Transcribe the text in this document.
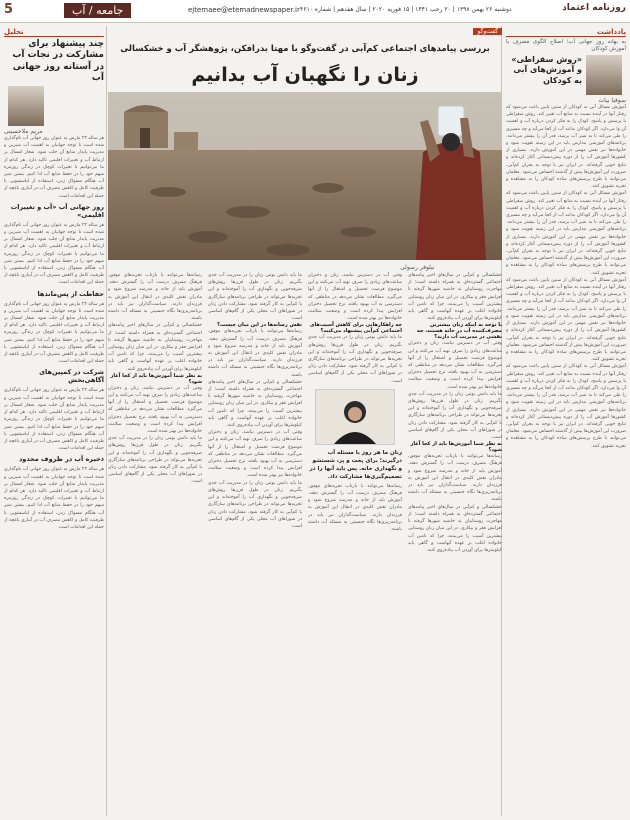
5	جامعه / آب	ejtemaee@etemadnewspaper.ir دوشنبه ۲۶ بهمن ۱۳۹۸ | ۲۰ رجب ۱۴۴۱ | ۱۵ فوریه ۲۰۲۰ | سال هفدهم | شماره ۴۶۱۰	روزنامه اعتماد
یادداشت
به بهانه روز جهانی آب؛ اصلاح الگوی مصرف با آموزش کودکان
«روش سقراطی» و آموزش‌های آبی به کودکان
سوفیا بیات
آموزش مسائل آبی به کودکان از سنین پایین باعث می‌شود که رفتار آنها در آینده نسبت به منابع آب تغییر کند. روش سقراطی با پرسش و پاسخ، کودک را به فکر کردن درباره آب و اهمیت آن وا می‌دارد. اگر کودکان بدانند آب از کجا می‌آید و چه مسیری را طی می‌کند تا به شیر آب برسد، قدر آن را بیشتر می‌دانند. برنامه‌های آموزشی مدارس باید در این زمینه تقویت شود و خانواده‌ها نیز نقش مهمی در این آموزش دارند. بسیاری از کشورها آموزش آب را از دوره پیش‌دبستانی آغاز کرده‌اند و نتایج خوبی گرفته‌اند. در ایران نیز با توجه به بحران کم‌آبی، ضرورت این آموزش‌ها بیش از گذشته احساس می‌شود. معلمان می‌توانند با طرح پرسش‌های ساده کودکان را به مشاهده و تجربه تشویق کنند.
آموزش مسائل آبی به کودکان از سنین پایین باعث می‌شود که رفتار آنها در آینده نسبت به منابع آب تغییر کند. روش سقراطی با پرسش و پاسخ، کودک را به فکر کردن درباره آب و اهمیت آن وا می‌دارد. اگر کودکان بدانند آب از کجا می‌آید و چه مسیری را طی می‌کند تا به شیر آب برسد، قدر آن را بیشتر می‌دانند. برنامه‌های آموزشی مدارس باید در این زمینه تقویت شود و خانواده‌ها نیز نقش مهمی در این آموزش دارند. بسیاری از کشورها آموزش آب را از دوره پیش‌دبستانی آغاز کرده‌اند و نتایج خوبی گرفته‌اند. در ایران نیز با توجه به بحران کم‌آبی، ضرورت این آموزش‌ها بیش از گذشته احساس می‌شود. معلمان می‌توانند با طرح پرسش‌های ساده کودکان را به مشاهده و تجربه تشویق کنند.
آموزش مسائل آبی به کودکان از سنین پایین باعث می‌شود که رفتار آنها در آینده نسبت به منابع آب تغییر کند. روش سقراطی با پرسش و پاسخ، کودک را به فکر کردن درباره آب و اهمیت آن وا می‌دارد. اگر کودکان بدانند آب از کجا می‌آید و چه مسیری را طی می‌کند تا به شیر آب برسد، قدر آن را بیشتر می‌دانند. برنامه‌های آموزشی مدارس باید در این زمینه تقویت شود و خانواده‌ها نیز نقش مهمی در این آموزش دارند. بسیاری از کشورها آموزش آب را از دوره پیش‌دبستانی آغاز کرده‌اند و نتایج خوبی گرفته‌اند. در ایران نیز با توجه به بحران کم‌آبی، ضرورت این آموزش‌ها بیش از گذشته احساس می‌شود. معلمان می‌توانند با طرح پرسش‌های ساده کودکان را به مشاهده و تجربه تشویق کنند.
آموزش مسائل آبی به کودکان از سنین پایین باعث می‌شود که رفتار آنها در آینده نسبت به منابع آب تغییر کند. روش سقراطی با پرسش و پاسخ، کودک را به فکر کردن درباره آب و اهمیت آن وا می‌دارد. اگر کودکان بدانند آب از کجا می‌آید و چه مسیری را طی می‌کند تا به شیر آب برسد، قدر آن را بیشتر می‌دانند. برنامه‌های آموزشی مدارس باید در این زمینه تقویت شود و خانواده‌ها نیز نقش مهمی در این آموزش دارند. بسیاری از کشورها آموزش آب را از دوره پیش‌دبستانی آغاز کرده‌اند و نتایج خوبی گرفته‌اند. در ایران نیز با توجه به بحران کم‌آبی، ضرورت این آموزش‌ها بیش از گذشته احساس می‌شود. معلمان می‌توانند با طرح پرسش‌های ساده کودکان را به مشاهده و تجربه تشویق کنند.
تحلیل
چند پیشنهاد برای مشارکت در نجات آب در آستانه روز جهانی آب
مریم ملاحسینی
هر ساله ۲۲ مارس به عنوان روز جهانی آب نام‌گذاری شده است تا توجه جهانیان به اهمیت آب شیرین و مدیریت پایدار منابع آن جلب شود. شعار امسال بر ارتباط آب و تغییرات اقلیمی تاکید دارد. هر کدام از ما می‌توانیم با تغییرات کوچک در زندگی روزمره سهم خود را در حفظ منابع آب ادا کنیم. بستن شیر آب هنگام مسواک زدن، استفاده از لباسشویی با ظرفیت کامل و کاهش مصرف آب در آبیاری باغچه از جمله این اقدامات است.
روز جهانی آب «آب و تغییرات اقلیمی»
هر ساله ۲۲ مارس به عنوان روز جهانی آب نام‌گذاری شده است تا توجه جهانیان به اهمیت آب شیرین و مدیریت پایدار منابع آن جلب شود. شعار امسال بر ارتباط آب و تغییرات اقلیمی تاکید دارد. هر کدام از ما می‌توانیم با تغییرات کوچک در زندگی روزمره سهم خود را در حفظ منابع آب ادا کنیم. بستن شیر آب هنگام مسواک زدن، استفاده از لباسشویی با ظرفیت کامل و کاهش مصرف آب در آبیاری باغچه از جمله این اقدامات است.
حفاظت از پس‌ماندها
هر ساله ۲۲ مارس به عنوان روز جهانی آب نام‌گذاری شده است تا توجه جهانیان به اهمیت آب شیرین و مدیریت پایدار منابع آن جلب شود. شعار امسال بر ارتباط آب و تغییرات اقلیمی تاکید دارد. هر کدام از ما می‌توانیم با تغییرات کوچک در زندگی روزمره سهم خود را در حفظ منابع آب ادا کنیم. بستن شیر آب هنگام مسواک زدن، استفاده از لباسشویی با ظرفیت کامل و کاهش مصرف آب در آبیاری باغچه از جمله این اقدامات است.
شرکت در کمپین‌های آگاهی‌بخش
هر ساله ۲۲ مارس به عنوان روز جهانی آب نام‌گذاری شده است تا توجه جهانیان به اهمیت آب شیرین و مدیریت پایدار منابع آن جلب شود. شعار امسال بر ارتباط آب و تغییرات اقلیمی تاکید دارد. هر کدام از ما می‌توانیم با تغییرات کوچک در زندگی روزمره سهم خود را در حفظ منابع آب ادا کنیم. بستن شیر آب هنگام مسواک زدن، استفاده از لباسشویی با ظرفیت کامل و کاهش مصرف آب در آبیاری باغچه از جمله این اقدامات است.
ذخیره آب در ظروف محدود
هر ساله ۲۲ مارس به عنوان روز جهانی آب نام‌گذاری شده است تا توجه جهانیان به اهمیت آب شیرین و مدیریت پایدار منابع آن جلب شود. شعار امسال بر ارتباط آب و تغییرات اقلیمی تاکید دارد. هر کدام از ما می‌توانیم با تغییرات کوچک در زندگی روزمره سهم خود را در حفظ منابع آب ادا کنیم. بستن شیر آب هنگام مسواک زدن، استفاده از لباسشویی با ظرفیت کامل و کاهش مصرف آب در آبیاری باغچه از جمله این اقدامات است.
گفت‌وگو
بررسی پیامدهای اجتماعی کم‌آبی در گفت‌وگو با مهتا بدرافکن، پژوهشگر آب و خشکسالی
زنان را نگهبان آب بدانیم
نیلوفر رسولی
خشکسالی و کم‌آبی در سال‌های اخیر پیامدهای اجتماعی گسترده‌ای به همراه داشته است؛ از مهاجرت روستاییان به حاشیه شهرها گرفته تا افزایش فقر و بیکاری. در این میان زنان روستایی بیشترین آسیب را می‌بینند، چرا که تامین آب خانواده اغلب بر عهده آنهاست و گاهی باید کیلومترها برای آوردن آب پیاده‌روی کنند.
با توجه به اینکه زنان بیشترین مصرف‌کننده آب در خانه هستند، چه نقشی در مدیریت آب دارند؟
وقتی آب در دسترس نباشد، زنان و دختران ساعت‌های زیادی را صرف تهیه آب می‌کنند و این موضوع فرصت تحصیل و اشتغال را از آنها می‌گیرد. مطالعات نشان می‌دهد در مناطقی که دسترسی به آب بهبود یافته، نرخ تحصیل دختران افزایش پیدا کرده است و وضعیت سلامت خانواده‌ها نیز بهتر شده است.
ما باید دانش بومی زنان را در مدیریت آب جدی بگیریم. زنان در طول قرن‌ها روش‌های صرفه‌جویی و نگهداری آب را آموخته‌اند و این تجربه‌ها می‌تواند در طراحی برنامه‌های سازگاری با کم‌آبی به کار گرفته شود. مشارکت دادن زنان در شوراهای آب محلی یکی از گام‌های اساسی است.
به نظر شما آموزش‌ها باید از کجا آغاز شود؟
رسانه‌ها می‌توانند با بازتاب تجربه‌های موفق، فرهنگ مصرف درست آب را گسترش دهند. آموزش باید از خانه و مدرسه شروع شود و مادران نقش کلیدی در انتقال این آموزش به فرزندان دارند. سیاست‌گذاران نیز باید در برنامه‌ریزی‌ها نگاه جنسیتی به مسئله آب داشته باشند.
خشکسالی و کم‌آبی در سال‌های اخیر پیامدهای اجتماعی گسترده‌ای به همراه داشته است؛ از مهاجرت روستاییان به حاشیه شهرها گرفته تا افزایش فقر و بیکاری. در این میان زنان روستایی بیشترین آسیب را می‌بینند، چرا که تامین آب خانواده اغلب بر عهده آنهاست و گاهی باید کیلومترها برای آوردن آب پیاده‌روی کنند.
وقتی آب در دسترس نباشد، زنان و دختران ساعت‌های زیادی را صرف تهیه آب می‌کنند و این موضوع فرصت تحصیل و اشتغال را از آنها می‌گیرد. مطالعات نشان می‌دهد در مناطقی که دسترسی به آب بهبود یافته، نرخ تحصیل دختران افزایش پیدا کرده است و وضعیت سلامت خانواده‌ها نیز بهتر شده است.
چه راهکارهایی برای کاهش آسیب‌های اجتماعی کم‌آبی پیشنهاد می‌کنید؟
ما باید دانش بومی زنان را در مدیریت آب جدی بگیریم. زنان در طول قرن‌ها روش‌های صرفه‌جویی و نگهداری آب را آموخته‌اند و این تجربه‌ها می‌تواند در طراحی برنامه‌های سازگاری با کم‌آبی به کار گرفته شود. مشارکت دادن زنان در شوراهای آب محلی یکی از گام‌های اساسی است.
زنان ما هر روز با مسئله آب درگیرند؛ برای پخت و پز، شستشو و نگهداری خانه. پس باید آنها را در تصمیم‌گیری‌ها مشارکت داد.
رسانه‌ها می‌توانند با بازتاب تجربه‌های موفق، فرهنگ مصرف درست آب را گسترش دهند. آموزش باید از خانه و مدرسه شروع شود و مادران نقش کلیدی در انتقال این آموزش به فرزندان دارند. سیاست‌گذاران نیز باید در برنامه‌ریزی‌ها نگاه جنسیتی به مسئله آب داشته باشند.
ما باید دانش بومی زنان را در مدیریت آب جدی بگیریم. زنان در طول قرن‌ها روش‌های صرفه‌جویی و نگهداری آب را آموخته‌اند و این تجربه‌ها می‌تواند در طراحی برنامه‌های سازگاری با کم‌آبی به کار گرفته شود. مشارکت دادن زنان در شوراهای آب محلی یکی از گام‌های اساسی است.
نقش رسانه‌ها در این میان چیست؟
رسانه‌ها می‌توانند با بازتاب تجربه‌های موفق، فرهنگ مصرف درست آب را گسترش دهند. آموزش باید از خانه و مدرسه شروع شود و مادران نقش کلیدی در انتقال این آموزش به فرزندان دارند. سیاست‌گذاران نیز باید در برنامه‌ریزی‌ها نگاه جنسیتی به مسئله آب داشته باشند.
خشکسالی و کم‌آبی در سال‌های اخیر پیامدهای اجتماعی گسترده‌ای به همراه داشته است؛ از مهاجرت روستاییان به حاشیه شهرها گرفته تا افزایش فقر و بیکاری. در این میان زنان روستایی بیشترین آسیب را می‌بینند، چرا که تامین آب خانواده اغلب بر عهده آنهاست و گاهی باید کیلومترها برای آوردن آب پیاده‌روی کنند.
وقتی آب در دسترس نباشد، زنان و دختران ساعت‌های زیادی را صرف تهیه آب می‌کنند و این موضوع فرصت تحصیل و اشتغال را از آنها می‌گیرد. مطالعات نشان می‌دهد در مناطقی که دسترسی به آب بهبود یافته، نرخ تحصیل دختران افزایش پیدا کرده است و وضعیت سلامت خانواده‌ها نیز بهتر شده است.
ما باید دانش بومی زنان را در مدیریت آب جدی بگیریم. زنان در طول قرن‌ها روش‌های صرفه‌جویی و نگهداری آب را آموخته‌اند و این تجربه‌ها می‌تواند در طراحی برنامه‌های سازگاری با کم‌آبی به کار گرفته شود. مشارکت دادن زنان در شوراهای آب محلی یکی از گام‌های اساسی است.
رسانه‌ها می‌توانند با بازتاب تجربه‌های موفق، فرهنگ مصرف درست آب را گسترش دهند. آموزش باید از خانه و مدرسه شروع شود و مادران نقش کلیدی در انتقال این آموزش به فرزندان دارند. سیاست‌گذاران نیز باید در برنامه‌ریزی‌ها نگاه جنسیتی به مسئله آب داشته باشند.
خشکسالی و کم‌آبی در سال‌های اخیر پیامدهای اجتماعی گسترده‌ای به همراه داشته است؛ از مهاجرت روستاییان به حاشیه شهرها گرفته تا افزایش فقر و بیکاری. در این میان زنان روستایی بیشترین آسیب را می‌بینند، چرا که تامین آب خانواده اغلب بر عهده آنهاست و گاهی باید کیلومترها برای آوردن آب پیاده‌روی کنند.
به نظر شما آموزش‌ها باید از کجا آغاز شود؟
وقتی آب در دسترس نباشد، زنان و دختران ساعت‌های زیادی را صرف تهیه آب می‌کنند و این موضوع فرصت تحصیل و اشتغال را از آنها می‌گیرد. مطالعات نشان می‌دهد در مناطقی که دسترسی به آب بهبود یافته، نرخ تحصیل دختران افزایش پیدا کرده است و وضعیت سلامت خانواده‌ها نیز بهتر شده است.
ما باید دانش بومی زنان را در مدیریت آب جدی بگیریم. زنان در طول قرن‌ها روش‌های صرفه‌جویی و نگهداری آب را آموخته‌اند و این تجربه‌ها می‌تواند در طراحی برنامه‌های سازگاری با کم‌آبی به کار گرفته شود. مشارکت دادن زنان در شوراهای آب محلی یکی از گام‌های اساسی است.
